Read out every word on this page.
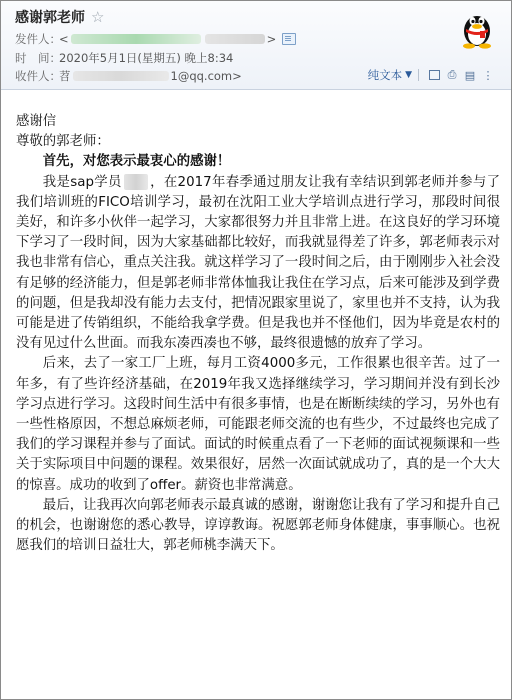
感谢郭老师 ☆
发件人：
<	>
时　间：
2020年5月1日(星期五) 晚上8:34
收件人：
苕	1@qq.com >	纯文本 ▼	⎙ ▤ ⋮

感谢信

尊敬的郭老师：

首先，对您表示最衷心的感谢！

我是sap学员 ，在2017年春季通过朋友让我有幸结识到郭老师并参与了我们培训班的FICO培训学习，最初在沈阳工业大学培训点进行学习，那段时间很美好，和许多小伙伴一起学习，大家都很努力并且非常上进。在这良好的学习环境下学习了一段时间，因为大家基础都比较好，而我就显得差了许多，郭老师表示对我也非常有信心，重点关注我。就这样学习了一段时间之后，由于刚刚步入社会没有足够的经济能力，但是郭老师非常体恤我让我住在学习点，后来可能涉及到学费的问题，但是我却没有能力去支付，把情况跟家里说了，家里也并不支持，认为我可能是进了传销组织，不能给我拿学费。但是我也并不怪他们，因为毕竟是农村的没有见过什么世面。而我东凑西凑也不够，最终很遗憾的放弃了学习。

后来，去了一家工厂上班，每月工资4000多元，工作很累也很辛苦。过了一年多，有了些许经济基础，在2019年我又选择继续学习，学习期间并没有到长沙学习点进行学习。这段时间生活中有很多事情，也是在断断续续的学习，另外也有一些性格原因，不想总麻烦老师，可能跟老师交流的也有些少，不过最终也完成了我们的学习课程并参与了面试。面试的时候重点看了一下老师的面试视频课和一些关于实际项目中问题的课程。效果很好，居然一次面试就成功了，真的是一个大大的惊喜。成功的收到了offer。薪资也非常满意。

最后，让我再次向郭老师表示最真诚的感谢，谢谢您让我有了学习和提升自己的机会，也谢谢您的悉心教导，谆谆教诲。祝愿郭老师身体健康，事事顺心。也祝愿我们的培训日益壮大，郭老师桃李满天下。
